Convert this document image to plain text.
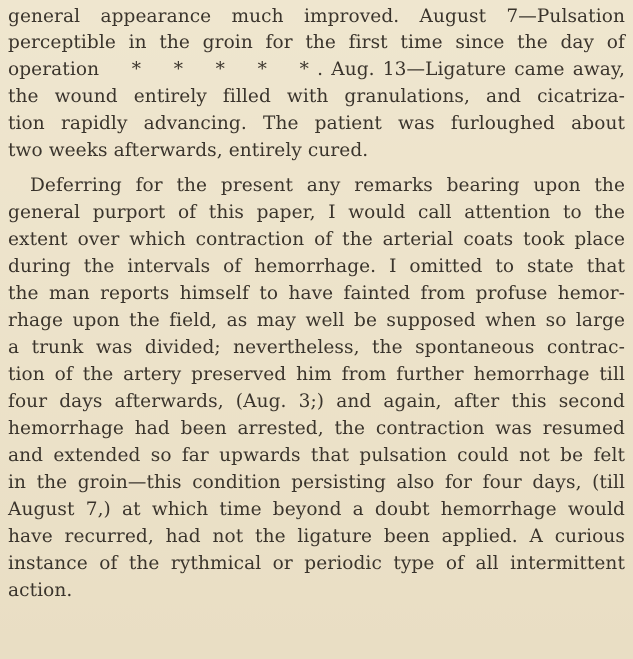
general appearance much improved. August 7—Pulsation
perceptible in the groin for the first time since the day of
operation    *    *    *    *    * . Aug. 13—Ligature came away,
the wound entirely filled with granulations, and cicatriza-
tion rapidly advancing. The patient was furloughed about
two weeks afterwards, entirely cured.
Deferring for the present any remarks bearing upon the
general purport of this paper, I would call attention to the
extent over which contraction of the arterial coats took place
during the intervals of hemorrhage. I omitted to state that
the man reports himself to have fainted from profuse hemor-
rhage upon the field, as may well be supposed when so large
a trunk was divided; nevertheless, the spontaneous contrac-
tion of the artery preserved him from further hemorrhage till
four days afterwards, (Aug. 3;) and again, after this second
hemorrhage had been arrested, the contraction was resumed
and extended so far upwards that pulsation could not be felt
in the groin—this condition persisting also for four days, (till
August 7,) at which time beyond a doubt hemorrhage would
have recurred, had not the ligature been applied. A curious
instance of the rythmical or periodic type of all intermittent
action.
